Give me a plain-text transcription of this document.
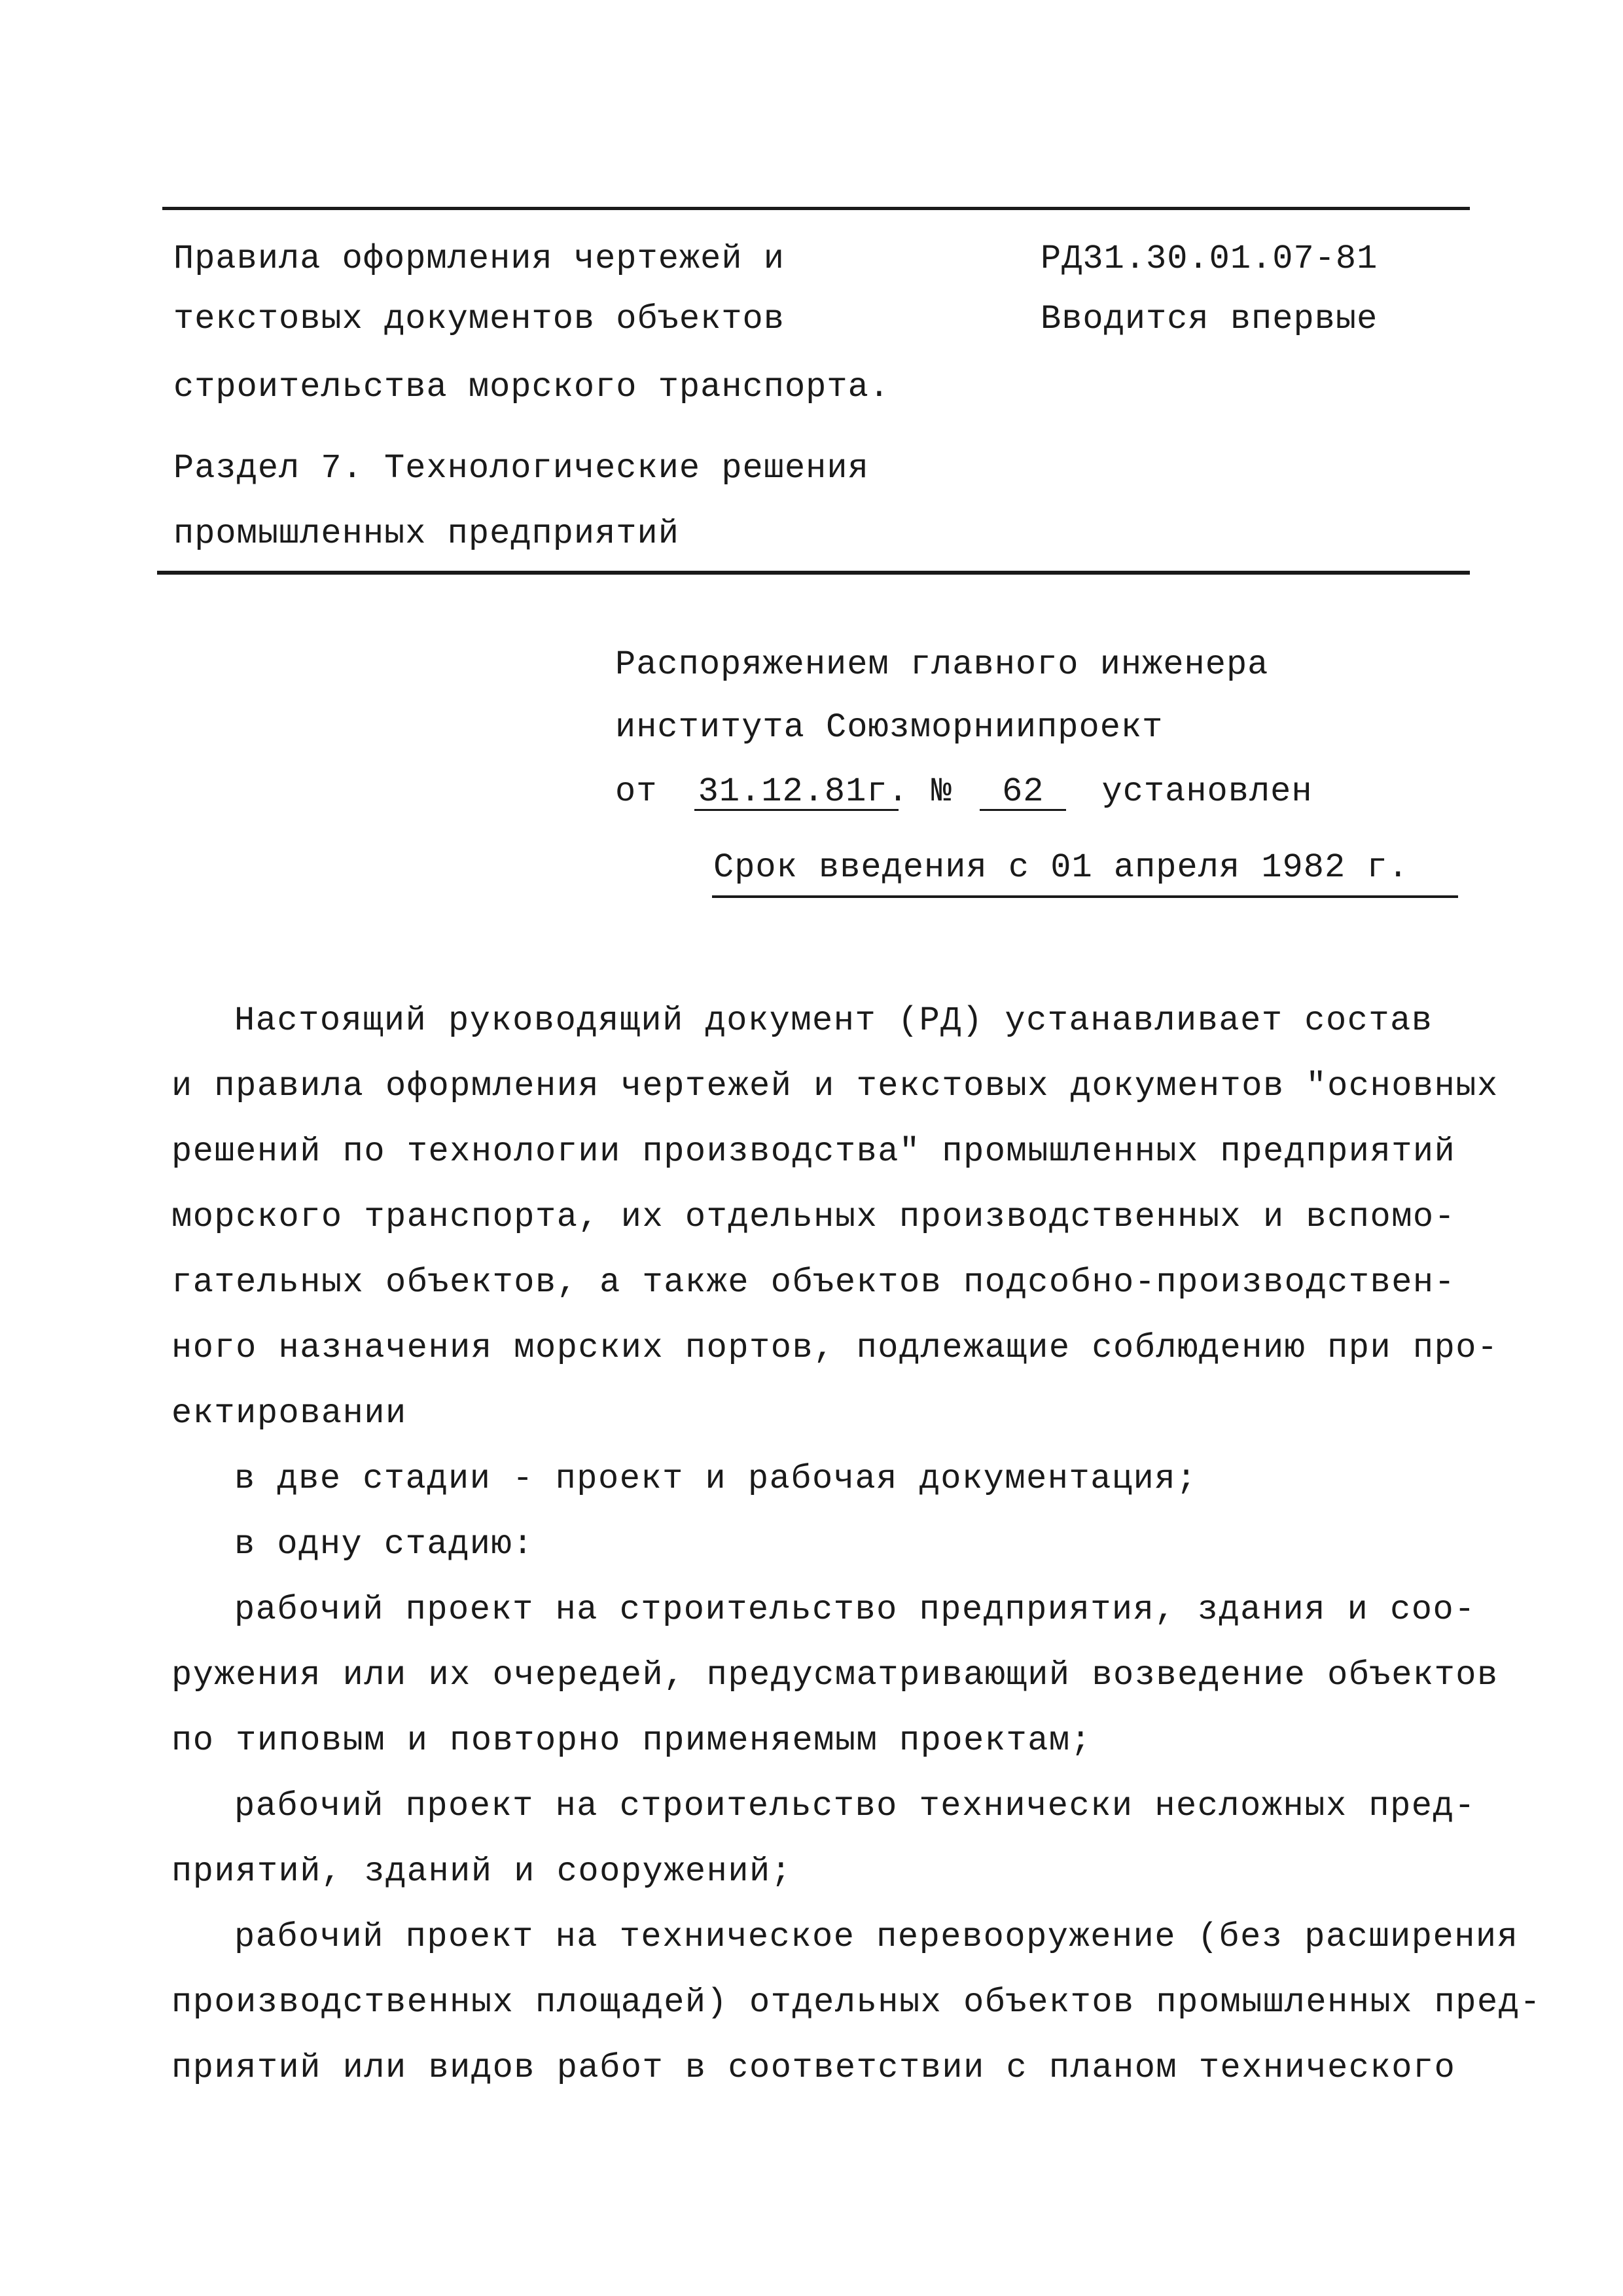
Правила оформления чертежей и
текстовых документов объектов
строительства морского транспорта.
Раздел 7. Технологические решения
промышленных предприятий
РД31.30.01.07-81
Вводится впервые
Распоряжением главного инженера
института Союзморниипроект
от 31.12.81г. № 62 установлен
Срок введения с 01 апреля 1982 г.

Настоящий руководящий документ (РД) устанавливает состав

и правила оформления чертежей и текстовых документов "основных

решений по технологии производства" промышленных предприятий

морского транспорта, их отдельных производственных и вспомо-

гательных объектов, а также объектов подсобно-производствен-

ного назначения морских портов, подлежащие соблюдению при про-

ектировании

в две стадии - проект и рабочая документация;

в одну стадию:

рабочий проект на строительство предприятия, здания и соо-

ружения или их очередей, предусматривающий возведение объектов

по типовым и повторно применяемым проектам;

рабочий проект на строительство технически несложных пред-

приятий, зданий и сооружений;

рабочий проект на техническое перевооружение (без расширения

производственных площадей) отдельных объектов промышленных пред-

приятий или видов работ в соответствии с планом технического
